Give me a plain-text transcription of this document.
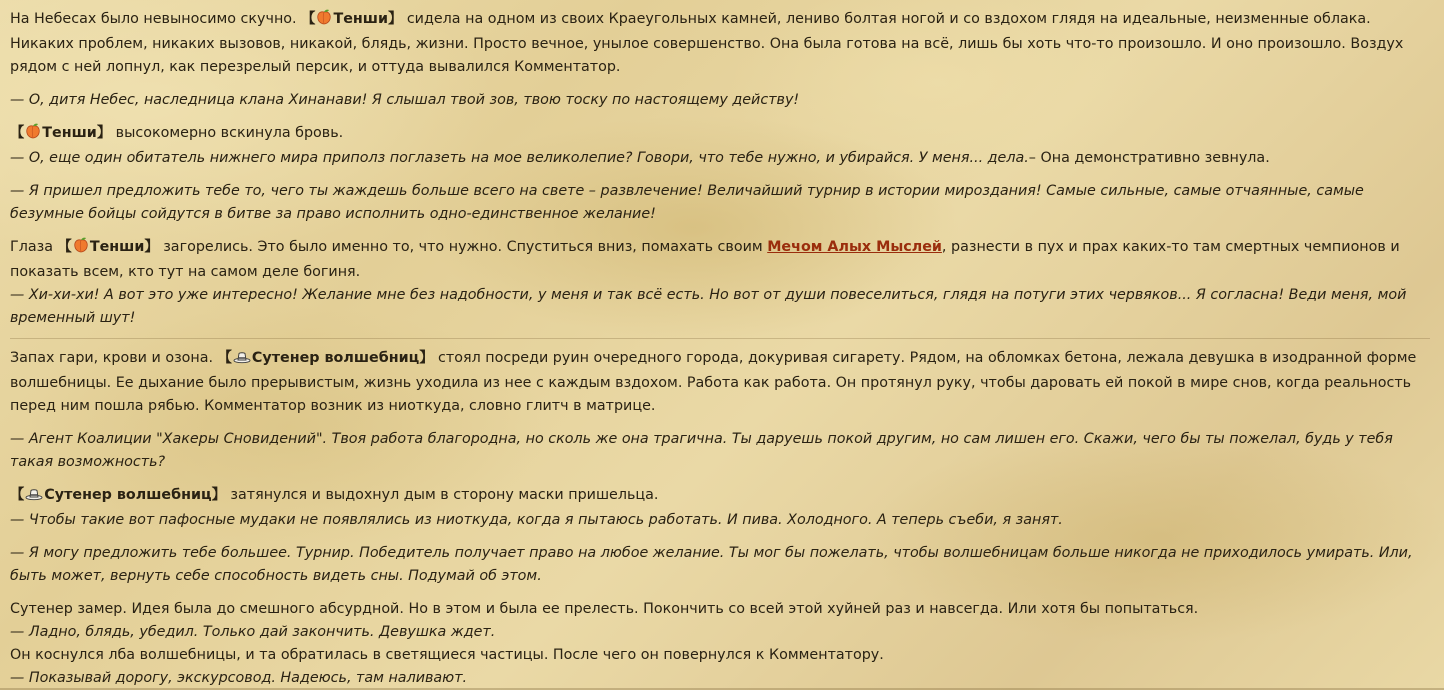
На Небесах было невыносимо скучно. 【 Тенши】 сидела на одном из своих Краеугольных камней, лениво болтая ногой и со вздохом глядя на идеальные, неизменные облака. Никаких проблем, никаких вызовов, никакой, блядь, жизни. Просто вечное, унылое совершенство. Она была готова на всё, лишь бы хоть что-то произошло. И оно произошло. Воздух рядом с ней лопнул, как перезрелый персик, и оттуда вывалился Комментатор.

— О, дитя Небес, наследница клана Хинанави! Я слышал твой зов, твою тоску по настоящему действу!

【 Тенши】 высокомерно вскинула бровь.

— О, еще один обитатель нижнего мира приполз поглазеть на мое великолепие? Говори, что тебе нужно, и убирайся. У меня... дела.– Она демонстративно зевнула.

— Я пришел предложить тебе то, чего ты жаждешь больше всего на свете – развлечение! Величайший турнир в истории мироздания! Самые сильные, самые отчаянные, самые безумные бойцы сойдутся в битве за право исполнить одно-единственное желание!

Глаза 【 Тенши】 загорелись. Это было именно то, что нужно. Спуститься вниз, помахать своим Мечом Алых Мыслей, разнести в пух и прах каких-то там смертных чемпионов и показать всем, кто тут на самом деле богиня.

— Хи-хи-хи! А вот это уже интересно! Желание мне без надобности, у меня и так всё есть. Но вот от души повеселиться, глядя на потуги этих червяков... Я согласна! Веди меня, мой временный шут!

Запах гари, крови и озона. 【 Сутенер волшебниц】 стоял посреди руин очередного города, докуривая сигарету. Рядом, на обломках бетона, лежала девушка в изодранной форме волшебницы. Ее дыхание было прерывистым, жизнь уходила из нее с каждым вздохом. Работа как работа. Он протянул руку, чтобы даровать ей покой в мире снов, когда реальность перед ним пошла рябью. Комментатор возник из ниоткуда, словно глитч в матрице.

— Агент Коалиции "Хакеры Сновидений". Твоя работа благородна, но сколь же она трагична. Ты даруешь покой другим, но сам лишен его. Скажи, чего бы ты пожелал, будь у тебя такая возможность?

【 Сутенер волшебниц】 затянулся и выдохнул дым в сторону маски пришельца.

— Чтобы такие вот пафосные мудаки не появлялись из ниоткуда, когда я пытаюсь работать. И пива. Холодного. А теперь съеби, я занят.

— Я могу предложить тебе большее. Турнир. Победитель получает право на любое желание. Ты мог бы пожелать, чтобы волшебницам больше никогда не приходилось умирать. Или, быть может, вернуть себе способность видеть сны. Подумай об этом.

Сутенер замер. Идея была до смешного абсурдной. Но в этом и была ее прелесть. Покончить со всей этой хуйней раз и навсегда. Или хотя бы попытаться.

— Ладно, блядь, убедил. Только дай закончить. Девушка ждет.

Он коснулся лба волшебницы, и та обратилась в светящиеся частицы. После чего он повернулся к Комментатору.

— Показывай дорогу, экскурсовод. Надеюсь, там наливают.
